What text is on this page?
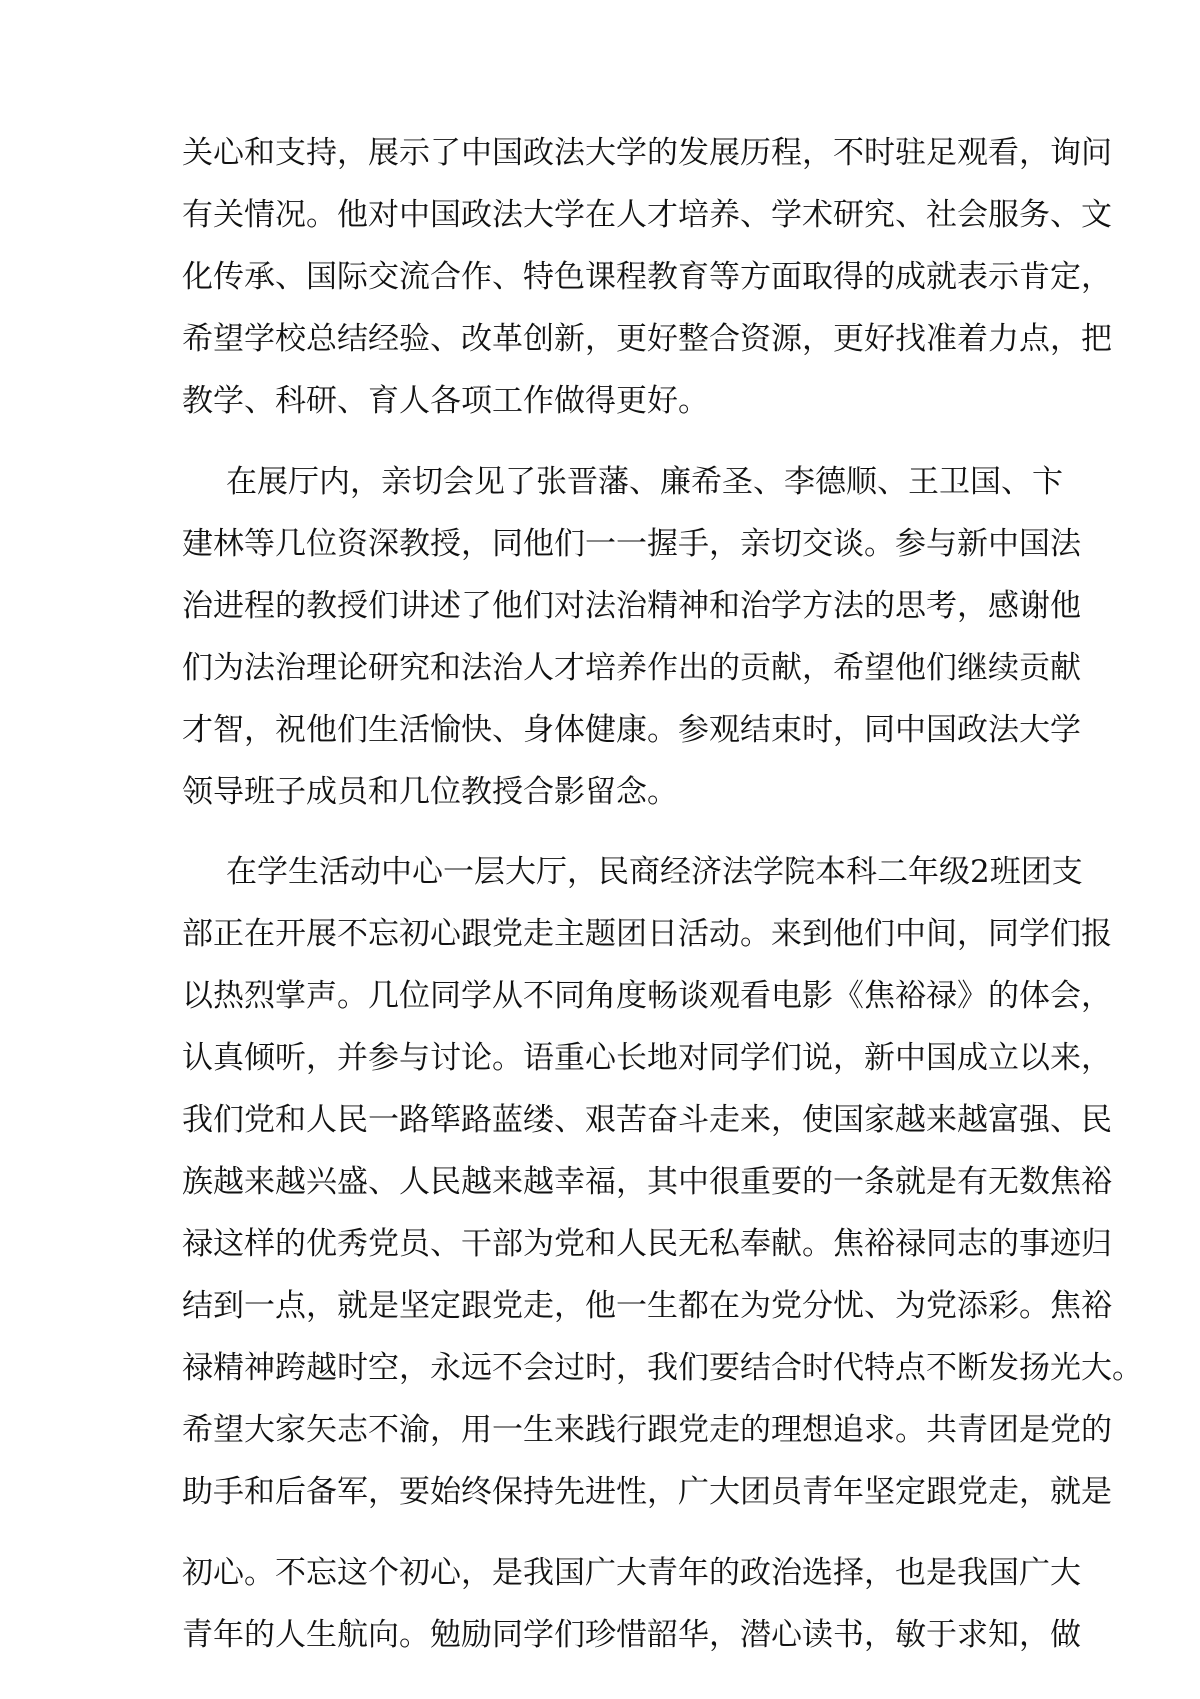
关心和支持，展示了中国政法大学的发展历程，不时驻足观看，询问
有关情况。他对中国政法大学在人才培养、学术研究、社会服务、文
化传承、国际交流合作、特色课程教育等方面取得的成就表示肯定，
希望学校总结经验、改革创新，更好整合资源，更好找准着力点，把
教学、科研、育人各项工作做得更好。
在展厅内，亲切会见了张晋藩、廉希圣、李德顺、王卫国、卞
建林等几位资深教授，同他们一一握手，亲切交谈。参与新中国法
治进程的教授们讲述了他们对法治精神和治学方法的思考，感谢他
们为法治理论研究和法治人才培养作出的贡献，希望他们继续贡献
才智，祝他们生活愉快、身体健康。参观结束时，同中国政法大学
领导班子成员和几位教授合影留念。
在学生活动中心一层大厅，民商经济法学院本科二年级2班团支
部正在开展不忘初心跟党走主题团日活动。来到他们中间，同学们报
以热烈掌声。几位同学从不同角度畅谈观看电影《焦裕禄》的体会，
认真倾听，并参与讨论。语重心长地对同学们说，新中国成立以来，
我们党和人民一路筚路蓝缕、艰苦奋斗走来，使国家越来越富强、民
族越来越兴盛、人民越来越幸福，其中很重要的一条就是有无数焦裕
禄这样的优秀党员、干部为党和人民无私奉献。焦裕禄同志的事迹归
结到一点，就是坚定跟党走，他一生都在为党分忧、为党添彩。焦裕
禄精神跨越时空，永远不会过时，我们要结合时代特点不断发扬光大。
希望大家矢志不渝，用一生来践行跟党走的理想追求。共青团是党的
助手和后备军，要始终保持先进性，广大团员青年坚定跟党走，就是
初心。不忘这个初心，是我国广大青年的政治选择，也是我国广大
青年的人生航向。勉励同学们珍惜韶华，潜心读书，敏于求知，做
